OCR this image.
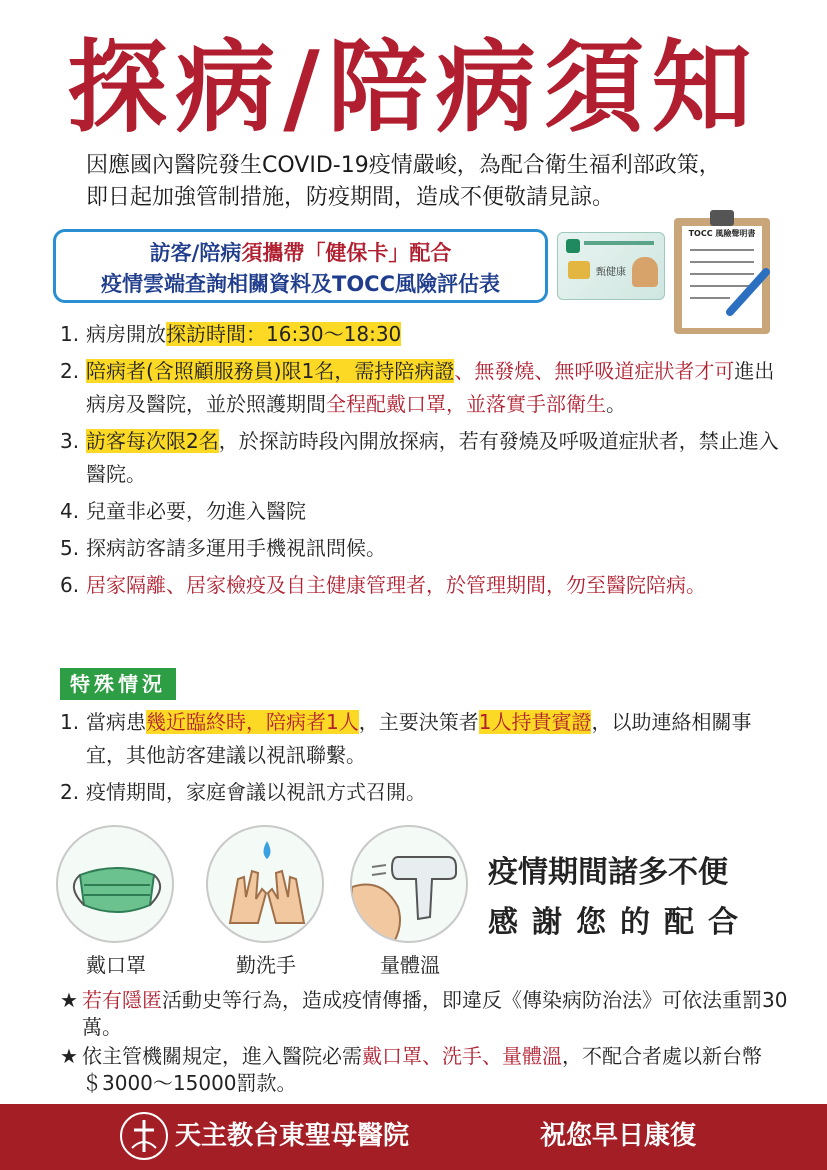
探病/陪病須知
因應國內醫院發生COVID-19疫情嚴峻，為配合衛生福利部政策，
即日起加強管制措施，防疫期間，造成不便敬請見諒。
訪客/陪病須攜帶「健保卡」配合
疫情雲端查詢相關資料及TOCC風險評估表	甄健康
TOCC 風險聲明書
1. 病房開放探訪時間：16:30～18:30
2. 陪病者(含照顧服務員)限1名，需持陪病證、無發燒、無呼吸道症狀者才可進出病房及醫院，並於照護期間全程配戴口罩，並落實手部衛生。
3. 訪客每次限2名，於探訪時段內開放探病，若有發燒及呼吸道症狀者，禁止進入醫院。
4. 兒童非必要，勿進入醫院
5. 探病訪客請多運用手機視訊問候。
6. 居家隔離、居家檢疫及自主健康管理者，於管理期間，勿至醫院陪病。
特殊情況
1. 當病患幾近臨終時，陪病者1人，主要決策者1人持貴賓證，以助連絡相關事宜，其他訪客建議以視訊聯繫。
2. 疫情期間，家庭會議以視訊方式召開。
戴口罩	勤洗手	量體溫
疫情期間諸多不便
感謝您的配合
★ 若有隱匿活動史等行為，造成疫情傳播，即違反《傳染病防治法》可依法重罰30萬。
★ 依主管機關規定，進入醫院必需戴口罩、洗手、量體溫，不配合者處以新台幣＄3000～15000罰款。
天主教台東聖母醫院	祝您早日康復
